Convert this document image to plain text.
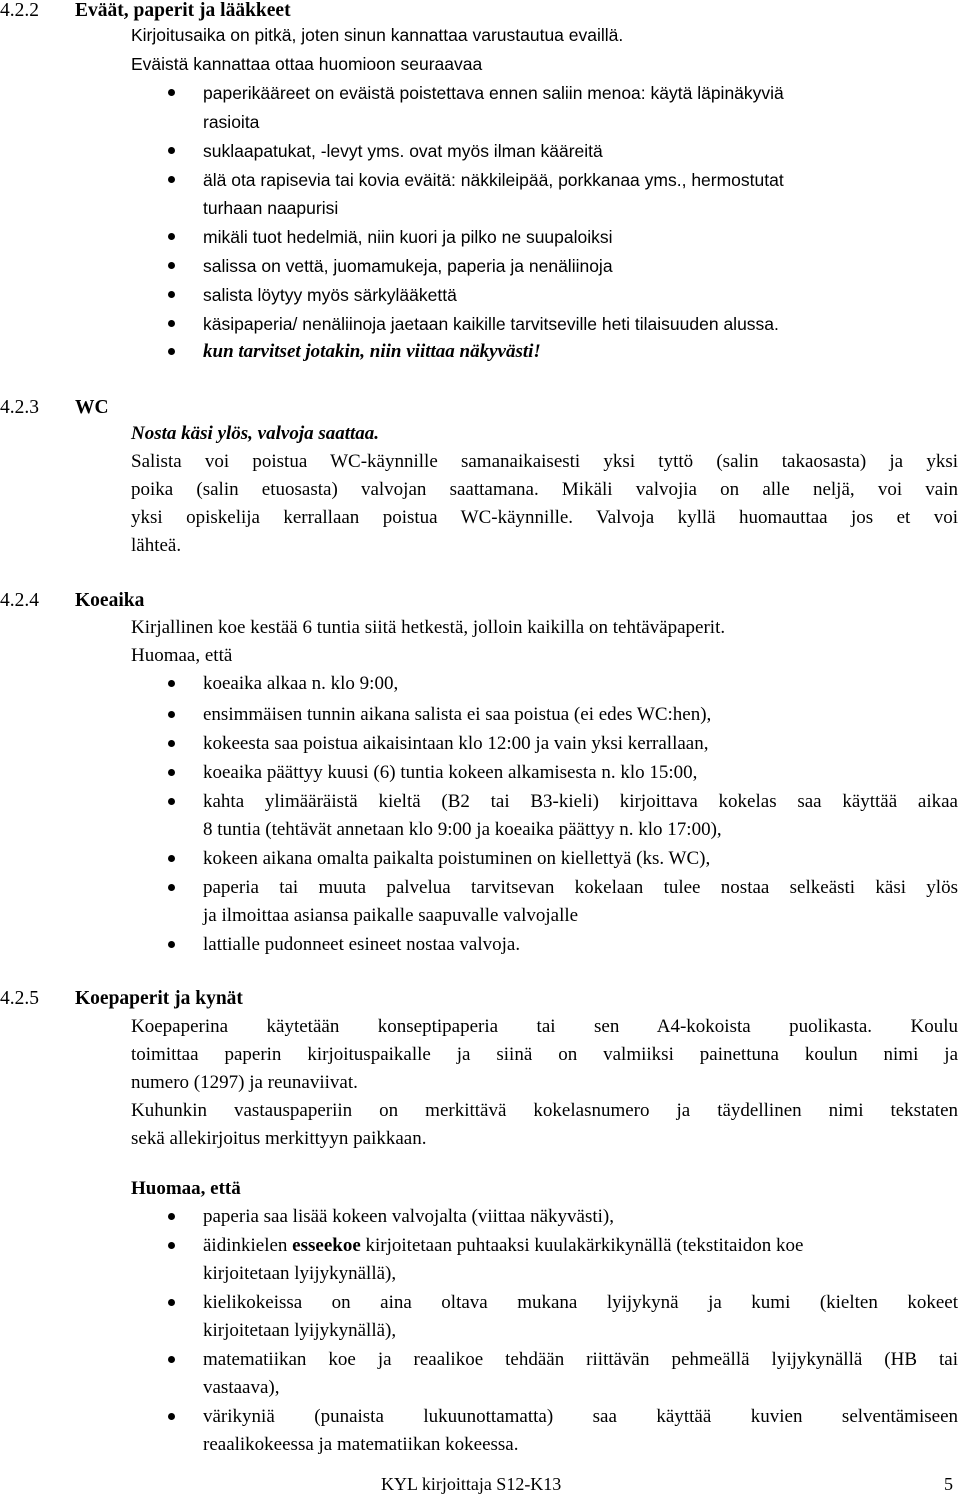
4.2.2 Eväät, paperit ja lääkkeet
Kirjoitusaika on pitkä, joten sinun kannattaa varustautua evaillä.
Eväistä kannattaa ottaa huomioon seuraavaa
paperikääreet on eväistä poistettava ennen saliin menoa: käytä läpinäkyviä
rasioita
suklaapatukat, -levyt yms. ovat myös ilman kääreitä
älä ota rapisevia tai kovia eväitä: näkkileipää, porkkanaa yms., hermostutat
turhaan naapurisi
mikäli tuot hedelmiä, niin kuori ja pilko ne suupaloiksi
salissa on vettä, juomamukeja, paperia ja nenäliinoja
salista löytyy myös särkylääkettä
käsipaperia/ nenäliinoja jaetaan kaikille tarvitseville heti tilaisuuden alussa.
kun tarvitset jotakin, niin viittaa näkyvästi!
4.2.3 WC
Nosta käsi ylös, valvoja saattaa.
Salista voi poistua WC-käynnille samanaikaisesti yksi tyttö (salin takaosasta) ja yksi
poika (salin etuosasta) valvojan saattamana. Mikäli valvojia on alle neljä, voi vain
yksi opiskelija kerrallaan poistua WC-käynnille. Valvoja kyllä huomauttaa jos et voi
lähteä.
4.2.4 Koeaika
Kirjallinen koe kestää 6 tuntia siitä hetkestä, jolloin kaikilla on tehtäväpaperit.
Huomaa, että
koeaika alkaa n. klo 9:00,
ensimmäisen tunnin aikana salista ei saa poistua (ei edes WC:hen),
kokeesta saa poistua aikaisintaan klo 12:00 ja vain yksi kerrallaan,
koeaika päättyy kuusi (6) tuntia kokeen alkamisesta n. klo 15:00,
kahta ylimääräistä kieltä (B2 tai B3-kieli) kirjoittava kokelas saa käyttää aikaa
8 tuntia (tehtävät annetaan klo 9:00 ja koeaika päättyy n. klo 17:00),
kokeen aikana omalta paikalta poistuminen on kiellettyä (ks. WC),
paperia tai muuta palvelua tarvitsevan kokelaan tulee nostaa selkeästi käsi ylös
ja ilmoittaa asiansa paikalle saapuvalle valvojalle
lattialle pudonneet esineet nostaa valvoja.
4.2.5 Koepaperit ja kynät
Koepaperina käytetään konseptipaperia tai sen A4-kokoista puolikasta. Koulu
toimittaa paperin kirjoituspaikalle ja siinä on valmiiksi painettuna koulun nimi ja
numero (1297) ja reunaviivat.
Kuhunkin vastauspaperiin on merkittävä kokelasnumero ja täydellinen nimi tekstaten
sekä allekirjoitus merkittyyn paikkaan.
Huomaa, että
paperia saa lisää kokeen valvojalta (viittaa näkyvästi),
äidinkielen esseekoe kirjoitetaan puhtaaksi kuulakärkikynällä (tekstitaidon koe
kirjoitetaan lyijykynällä),
kielikokeissa on aina oltava mukana lyijykynä ja kumi (kielten kokeet
kirjoitetaan lyijykynällä),
matematiikan koe ja reaalikoe tehdään riittävän pehmeällä lyijykynällä (HB tai
vastaava),
värikyniä (punaista lukuunottamatta) saa käyttää kuvien selventämiseen
reaalikokeessa ja matematiikan kokeessa.
KYL kirjoittaja S12-K13	5
